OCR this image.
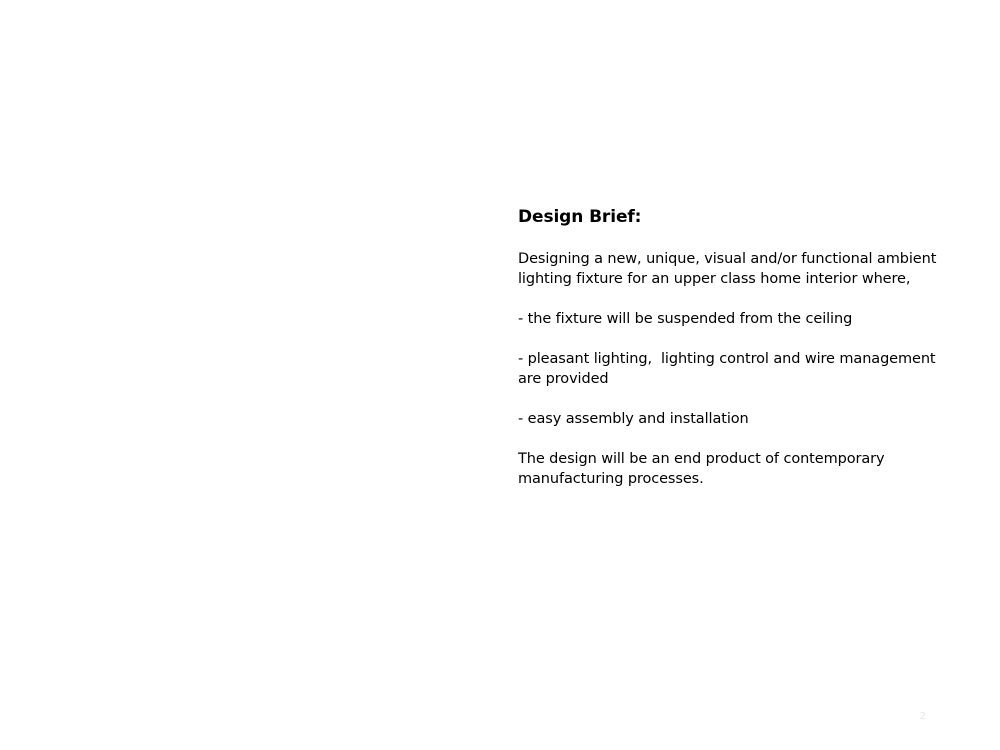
Design Brief:

Designing a new, unique, visual and/or functional ambient lighting fixture for an upper class home interior where,

- the fixture will be suspended from the ceiling

- pleasant lighting,  lighting control and wire management  are provided

- easy assembly and installation

The design will be an end product of contemporary manufacturing processes.

2
